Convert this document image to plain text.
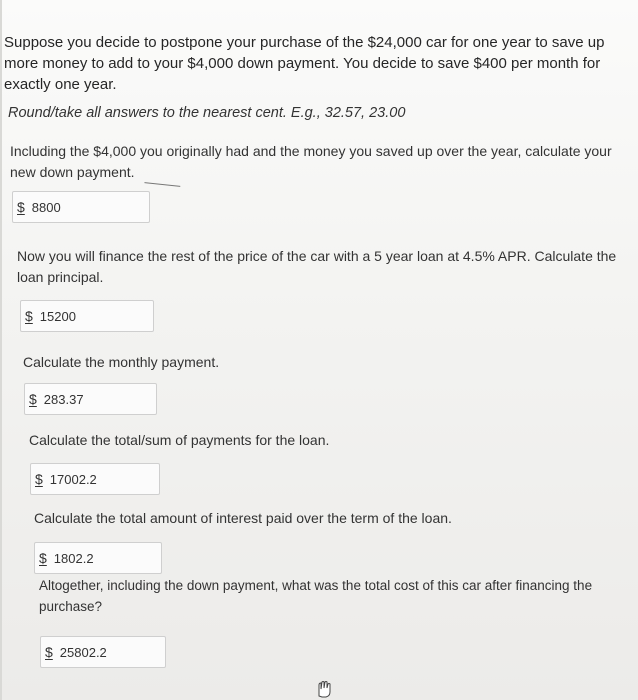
Suppose you decide to postpone your purchase of the $24,000 car for one year to save up more money to add to your $4,000 down payment. You decide to save $400 per month for exactly one year.
Round/take all answers to the nearest cent. E.g., 32.57, 23.00
Including the $4,000 you originally had and the money you saved up over the year, calculate your new down payment.
$ 8800
Now you will finance the rest of the price of the car with a 5 year loan at 4.5% APR. Calculate the loan principal.
$ 15200
Calculate the monthly payment.
$ 283.37
Calculate the total/sum of payments for the loan.
$ 17002.2
Calculate the total amount of interest paid over the term of the loan.
$ 1802.2
Altogether, including the down payment, what was the total cost of this car after financing the purchase?
$ 25802.2
